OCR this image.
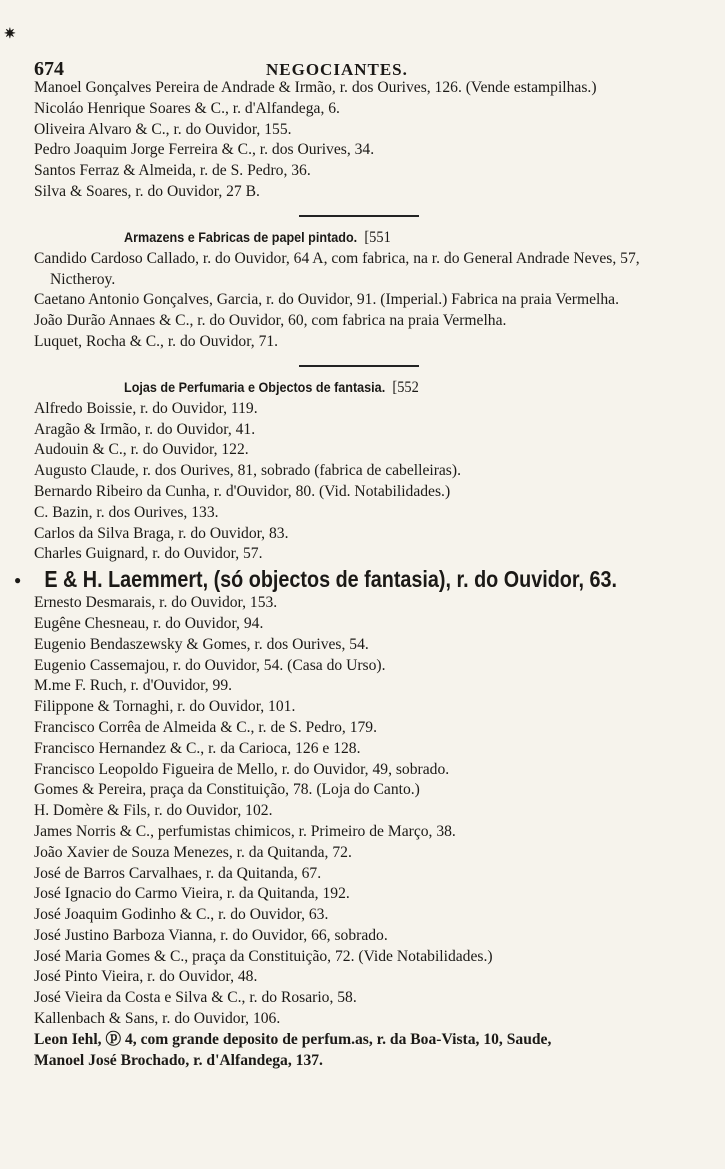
✷
674	NEGOCIANTES.
Manoel Gonçalves Pereira de Andrade & Irmão, r. dos Ourives, 126. (Vende estampilhas.)
Nicoláo Henrique Soares & C., r. d'Alfandega, 6.
Oliveira Alvaro & C., r. do Ouvidor, 155.
Pedro Joaquim Jorge Ferreira & C., r. dos Ourives, 34.
Santos Ferraz & Almeida, r. de S. Pedro, 36.
Silva & Soares, r. do Ouvidor, 27 B.
Armazens e Fabricas de papel pintado. [551
Candido Cardoso Callado, r. do Ouvidor, 64 A, com fabrica, na r. do General Andrade Neves, 57, Nictheroy.
Caetano Antonio Gonçalves, Garcia, r. do Ouvidor, 91. (Imperial.) Fabrica na praia Vermelha.
João Durão Annaes & C., r. do Ouvidor, 60, com fabrica na praia Vermelha.
Luquet, Rocha & C., r. do Ouvidor, 71.
Lojas de Perfumaria e Objectos de fantasia. [552
Alfredo Boissie, r. do Ouvidor, 119.
Aragão & Irmão, r. do Ouvidor, 41.
Audouin & C., r. do Ouvidor, 122.
Augusto Claude, r. dos Ourives, 81, sobrado (fabrica de cabelleiras).
Bernardo Ribeiro da Cunha, r. d'Ouvidor, 80. (Vid. Notabilidades.)
C. Bazin, r. dos Ourives, 133.
Carlos da Silva Braga, r. do Ouvidor, 83.
Charles Guignard, r. do Ouvidor, 57.
●	E & H. Laemmert, (só objectos de fantasia), r. do Ouvidor, 63.
Ernesto Desmarais, r. do Ouvidor, 153.
Eugêne Chesneau, r. do Ouvidor, 94.
Eugenio Bendaszewsky & Gomes, r. dos Ourives, 54.
Eugenio Cassemajou, r. do Ouvidor, 54. (Casa do Urso).
M.me F. Ruch, r. d'Ouvidor, 99.
Filippone & Tornaghi, r. do Ouvidor, 101.
Francisco Corrêa de Almeida & C., r. de S. Pedro, 179.
Francisco Hernandez & C., r. da Carioca, 126 e 128.
Francisco Leopoldo Figueira de Mello, r. do Ouvidor, 49, sobrado.
Gomes & Pereira, praça da Constituição, 78. (Loja do Canto.)
H. Domère & Fils, r. do Ouvidor, 102.
James Norris & C., perfumistas chimicos, r. Primeiro de Março, 38.
João Xavier de Souza Menezes, r. da Quitanda, 72.
José de Barros Carvalhaes, r. da Quitanda, 67.
José Ignacio do Carmo Vieira, r. da Quitanda, 192.
José Joaquim Godinho & C., r. do Ouvidor, 63.
José Justino Barboza Vianna, r. do Ouvidor, 66, sobrado.
José Maria Gomes & C., praça da Constituição, 72. (Vide Notabilidades.)
José Pinto Vieira, r. do Ouvidor, 48.
José Vieira da Costa e Silva & C., r. do Rosario, 58.
Kallenbach & Sans, r. do Ouvidor, 106.
Leon Iehl, ⓟ 4, com grande deposito de perfum.as, r. da Boa-Vista, 10, Saude,
Manoel José Brochado, r. d'Alfandega, 137.
